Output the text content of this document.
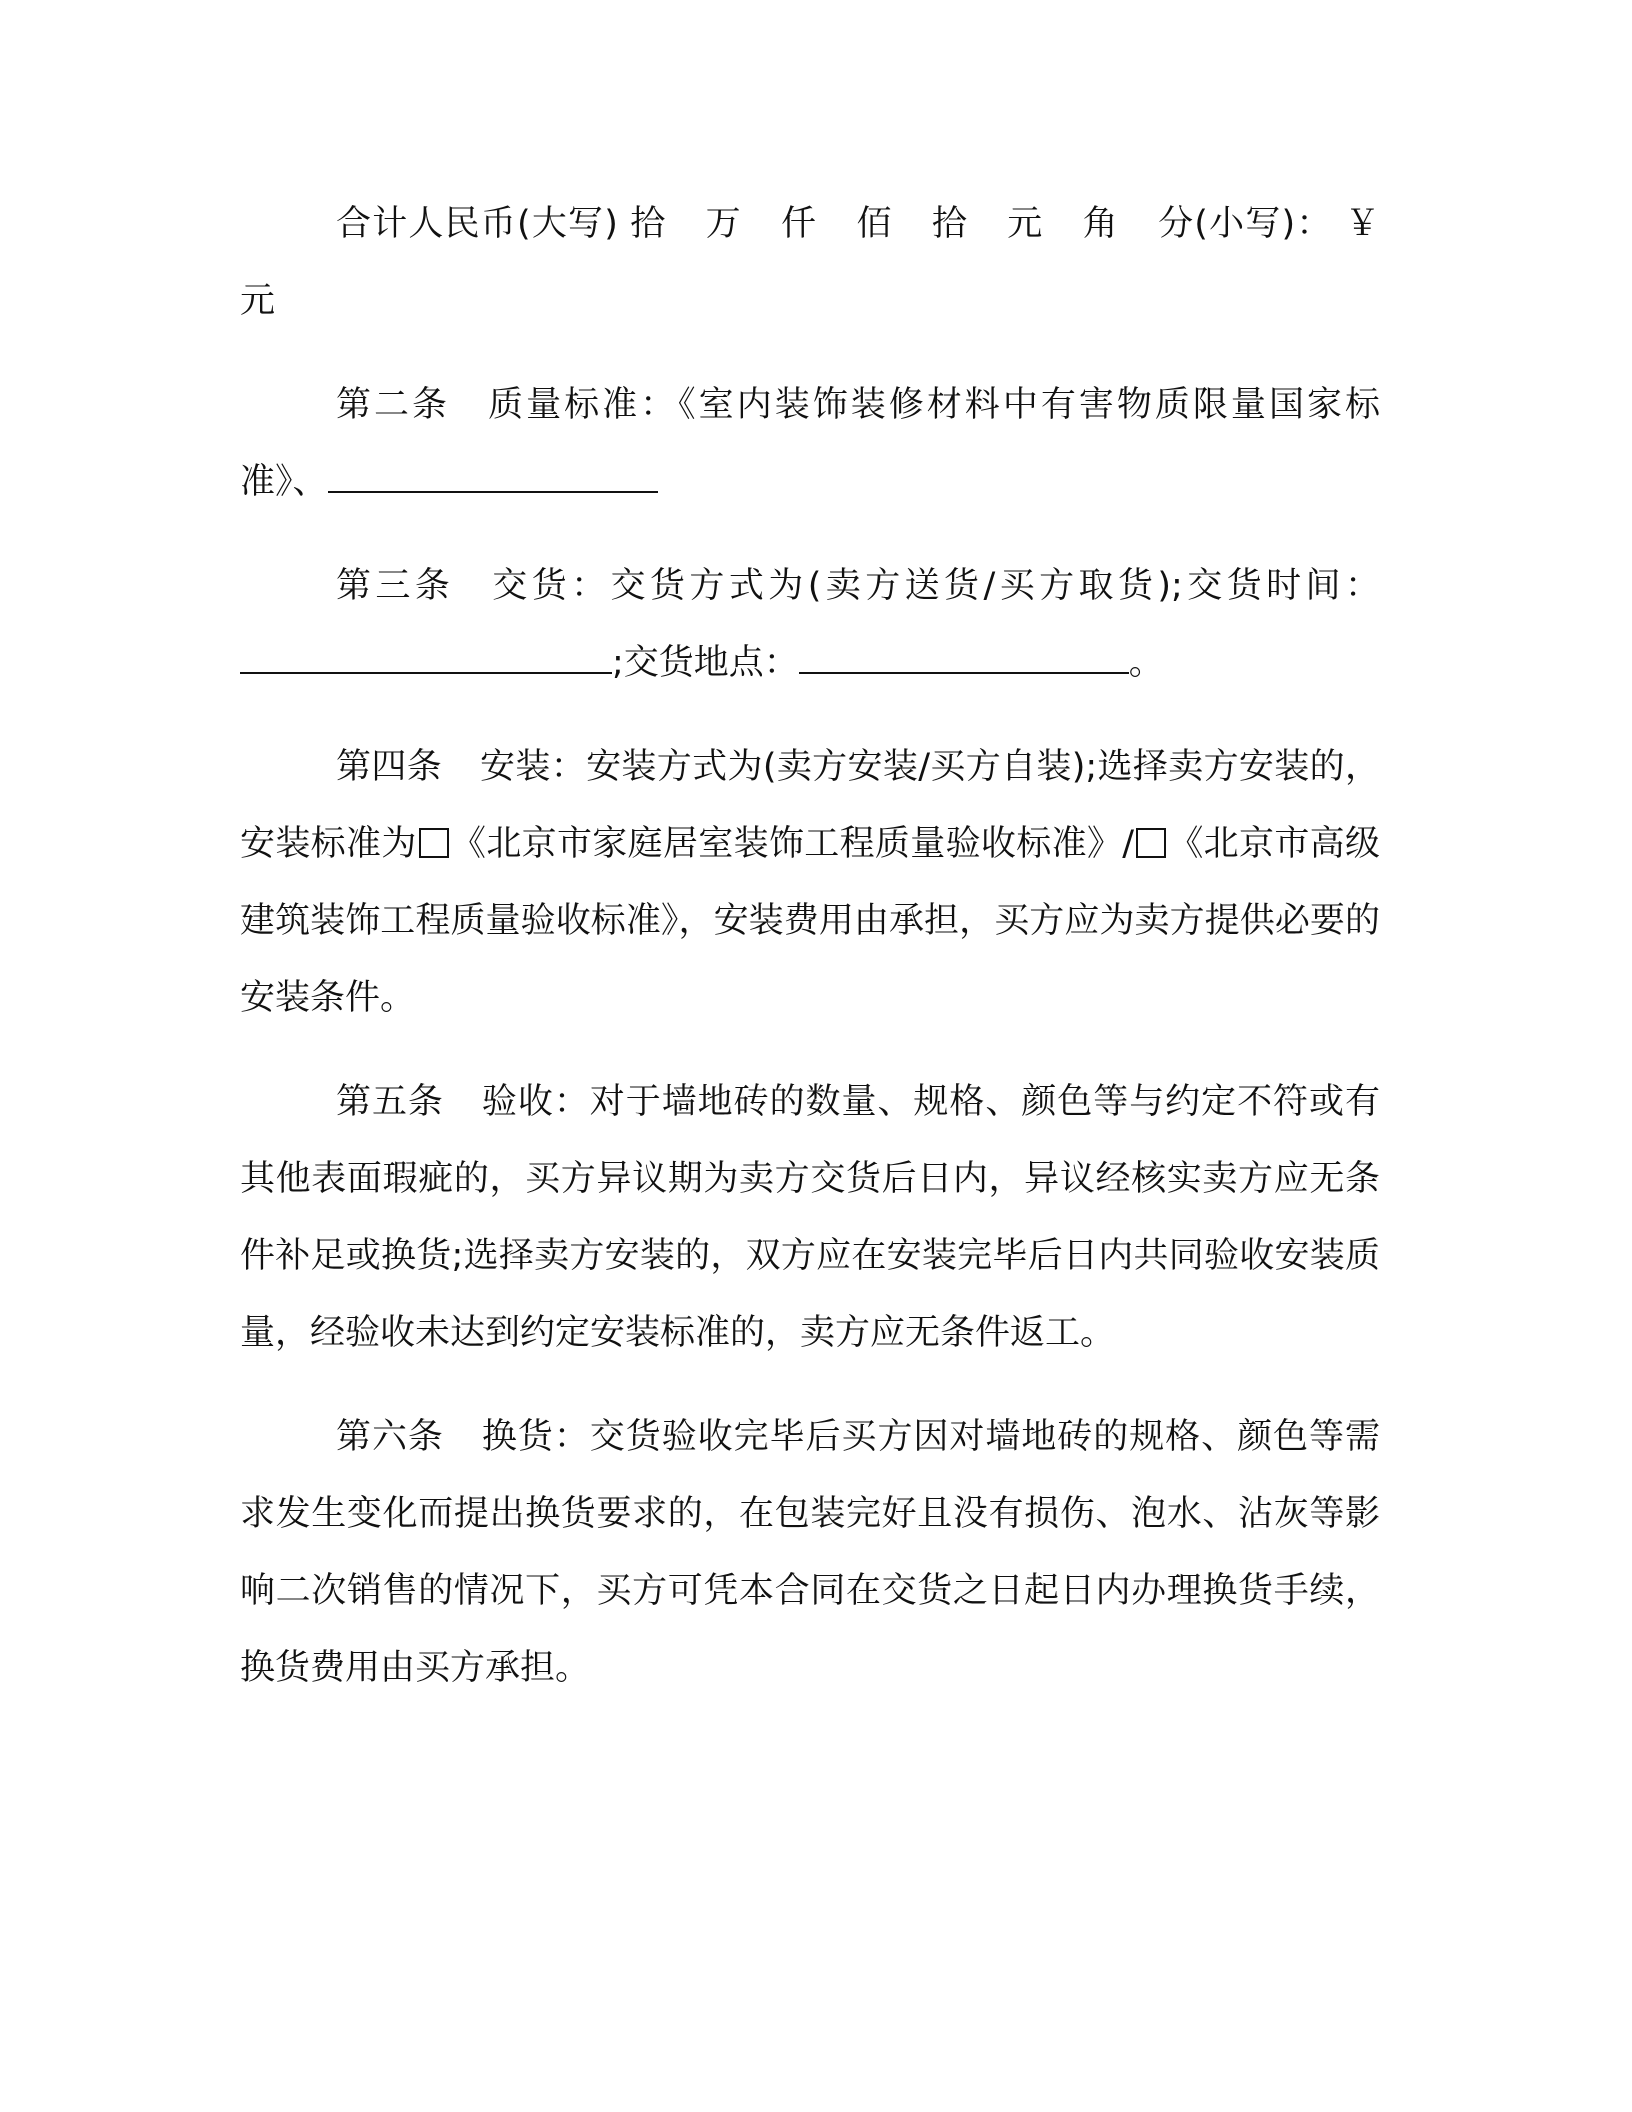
合计人民币(大写) 拾 万 仟 佰 拾 元 角 分(小写)： ￥ 元

第二条 质量标准：《室内装饰装修材料中有害物质限量国家标准》、

第三条 交货：交货方式为(卖方送货/买方取货);交货时间：;交货地点：	。

第四条 安装：安装方式为(卖方安装/买方自装);选择卖方安装的，安装标准为 《北京市家庭居室装饰工程质量验收标准》/ 《北京市高级建筑装饰工程质量验收标准》，安装费用由承担，买方应为卖方提供必要的安装条件。

第五条 验收：对于墙地砖的数量、规格、颜色等与约定不符或有其他表面瑕疵的，买方异议期为卖方交货后日内，异议经核实卖方应无条件补足或换货;选择卖方安装的，双方应在安装完毕后日内共同验收安装质量，经验收未达到约定安装标准的，卖方应无条件返工。

第六条 换货：交货验收完毕后买方因对墙地砖的规格、颜色等需求发生变化而提出换货要求的，在包装完好且没有损伤、泡水、沾灰等影响二次销售的情况下，买方可凭本合同在交货之日起日内办理换货手续，换货费用由买方承担。
